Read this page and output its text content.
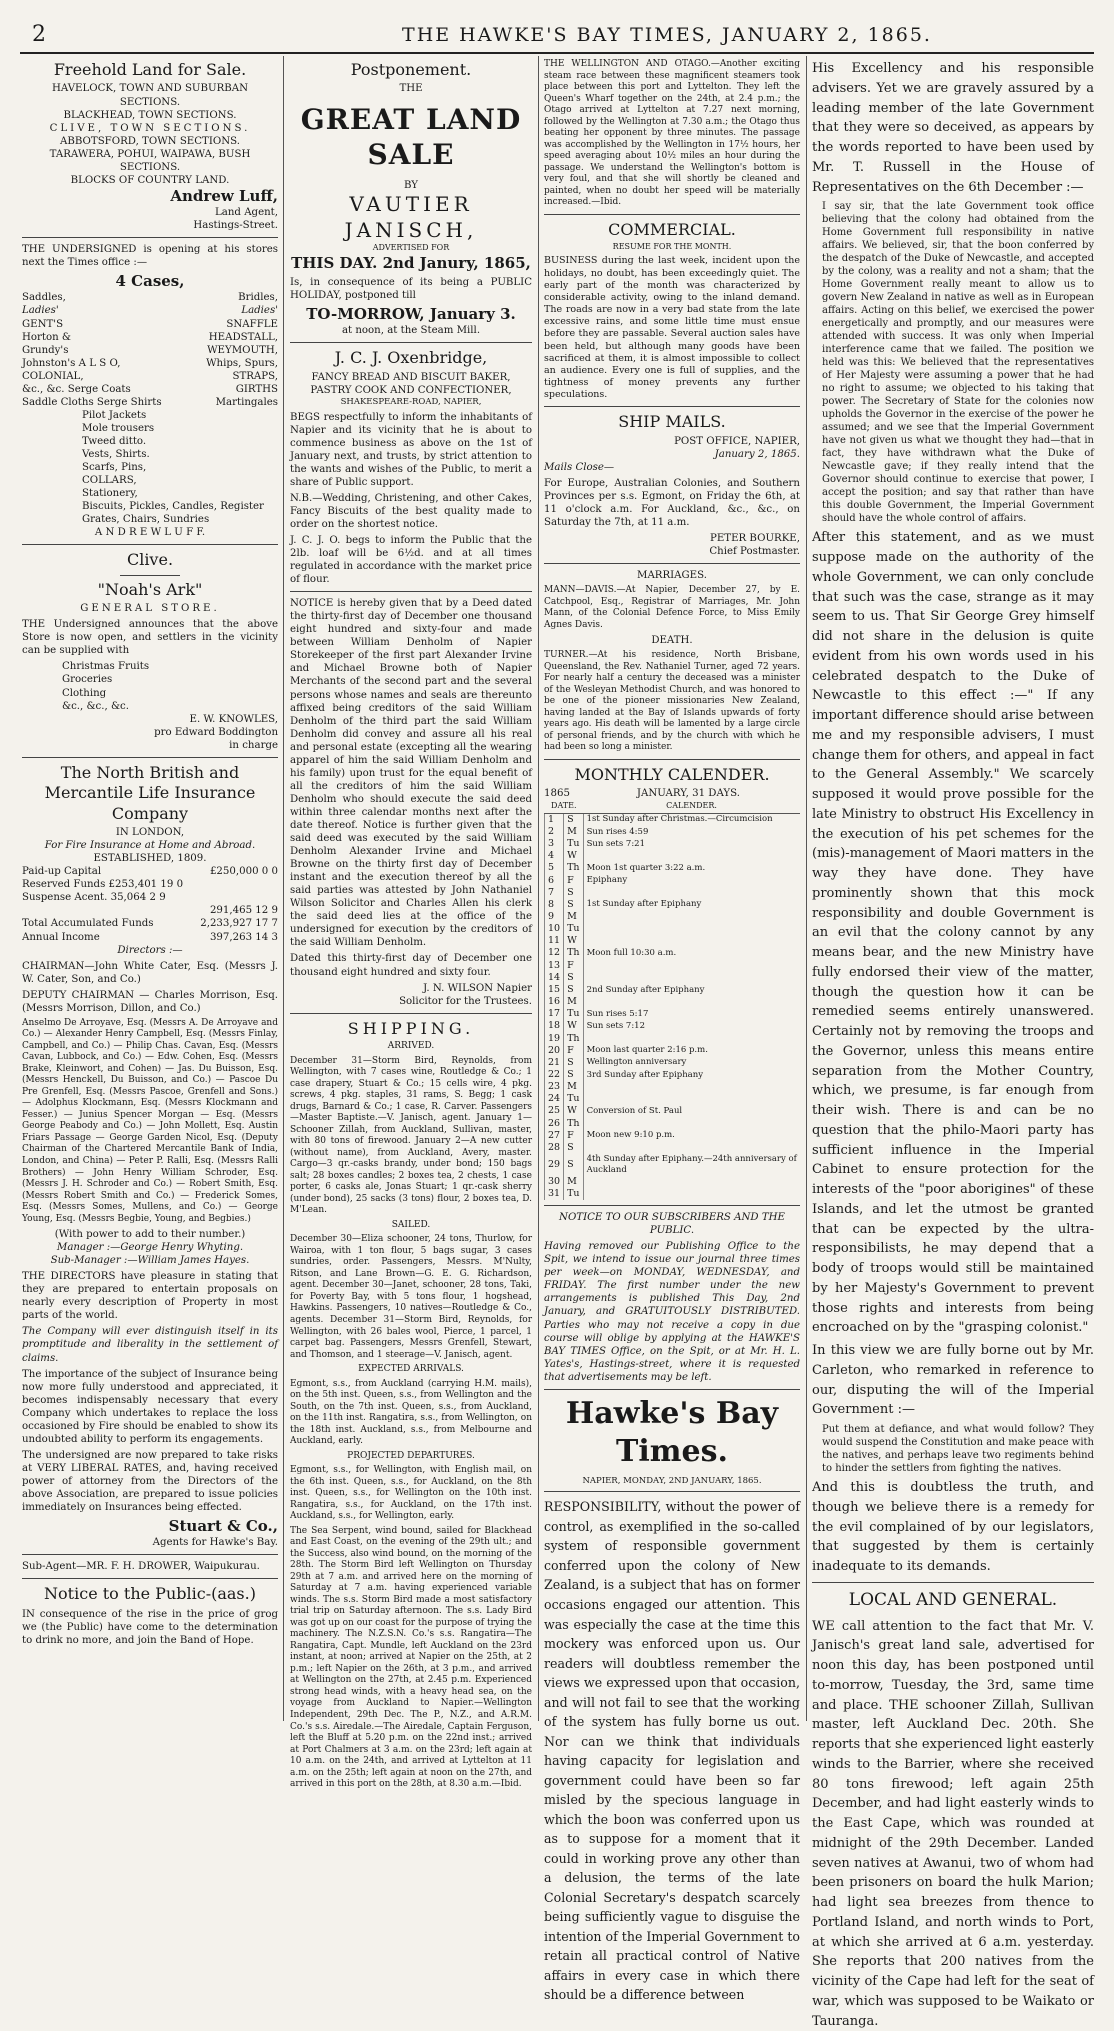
2	THE HAWKE'S BAY TIMES, JANUARY 2, 1865.
Freehold Land for Sale.
HAVELOCK, TOWN AND SUBURBAN SECTIONS.
BLACKHEAD, TOWN SECTIONS.
CLIVE, TOWN SECTIONS.
ABBOTSFORD, TOWN SECTIONS.
TARAWERA, POHUI, WAIPAWA, BUSH SECTIONS.
BLOCKS OF COUNTRY LAND.
Andrew Luff,
Land Agent,
Hastings-Street.

THE UNDERSIGNED is opening at his stores next the Times office :—

4 Cases,
Saddles,	Bridles,
Ladies'	Ladies'
GENT'S	SNAFFLE
Horton &	HEADSTALL,
Grundy's	WEYMOUTH,
Johnston's A L S O,	Whips, Spurs,
COLONIAL,	STRAPS,
&c., &c. Serge Coats	GIRTHS
Saddle Cloths Serge Shirts	Martingales
Pilot Jackets
Mole trousers
Tweed ditto.
Vests, Shirts.
Scarfs, Pins,
COLLARS,
Stationery,
Biscuits, Pickles, Candles, Register Grates, Chairs, Sundries
A N D R E W L U F F.
Clive.
"Noah's Ark"
GENERAL STORE.

THE Undersigned announces that the above Store is now open, and settlers in the vicinity can be supplied with

Christmas Fruits
Groceries
Clothing
&c., &c., &c.
E. W. KNOWLES,
pro Edward Boddington
in charge
The North British and Mercantile Life Insurance Company
IN LONDON,
For Fire Insurance at Home and Abroad.
ESTABLISHED, 1809.
Paid-up Capital	£250,000 0 0
Reserved Funds £253,401 19 0
Suspense Acent. 35,064 2 9
291,465 12 9
Total Accumulated Funds	2,233,927 17 7
Annual Income	397,263 14 3
Directors :—

CHAIRMAN—John White Cater, Esq. (Messrs J. W. Cater, Son, and Co.)

DEPUTY CHAIRMAN — Charles Morrison, Esq. (Messrs Morrison, Dillon, and Co.)

Anselmo De Arroyave, Esq. (Messrs A. De Arroyave and Co.) — Alexander Henry Campbell, Esq. (Messrs Finlay, Campbell, and Co.) — Philip Chas. Cavan, Esq. (Messrs Cavan, Lubbock, and Co.) — Edw. Cohen, Esq. (Messrs Brake, Kleinwort, and Cohen) — Jas. Du Buisson, Esq. (Messrs Henckell, Du Buisson, and Co.) — Pascoe Du Pre Grenfell, Esq. (Messrs Pascoe, Grenfell and Sons.) — Adolphus Klockmann, Esq. (Messrs Klockmann and Fesser.) — Junius Spencer Morgan — Esq. (Messrs George Peabody and Co.) — John Mollett, Esq. Austin Friars Passage — George Garden Nicol, Esq. (Deputy Chairman of the Chartered Mercantile Bank of India, London, and China) — Peter P. Ralli, Esq. (Messrs Ralli Brothers) — John Henry William Schroder, Esq. (Messrs J. H. Schroder and Co.) — Robert Smith, Esq. (Messrs Robert Smith and Co.) — Frederick Somes, Esq. (Messrs Somes, Mullens, and Co.) — George Young, Esq. (Messrs Begbie, Young, and Begbies.)

(With power to add to their number.)
Manager :—George Henry Whyting.
Sub-Manager :—William James Hayes.

THE DIRECTORS have pleasure in stating that they are prepared to entertain proposals on nearly every description of Property in most parts of the world.

The Company will ever distinguish itself in its promptitude and liberality in the settlement of claims.

The importance of the subject of Insurance being now more fully understood and appreciated, it becomes indispensably necessary that every Company which undertakes to replace the loss occasioned by Fire should be enabled to show its undoubted ability to perform its engagements.

The undersigned are now prepared to take risks at VERY LIBERAL RATES, and, having received power of attorney from the Directors of the above Association, are prepared to issue policies immediately on Insurances being effected.

Stuart & Co.,
Agents for Hawke's Bay.
Sub-Agent—MR. F. H. DROWER, Waipukurau.
Notice to the Public-(aas.)

IN consequence of the rise in the price of grog we (the Public) have come to the determination to drink no more, and join the Band of Hope.

Postponement.
THE
GREAT LAND SALE
BY
VAUTIER JANISCH,
ADVERTISED FOR
THIS DAY. 2nd Janury, 1865,

Is, in consequence of its being a PUBLIC HOLIDAY, postponed till

TO-MORROW, January 3.
at noon, at the Steam Mill.
J. C. J. Oxenbridge,
FANCY BREAD AND BISCUIT BAKER, PASTRY COOK AND CONFECTIONER,
SHAKESPEARE-ROAD, NAPIER,

BEGS respectfully to inform the inhabitants of Napier and its vicinity that he is about to commence business as above on the 1st of January next, and trusts, by strict attention to the wants and wishes of the Public, to merit a share of Public support.

N.B.—Wedding, Christening, and other Cakes, Fancy Biscuits of the best quality made to order on the shortest notice.

J. C. J. O. begs to inform the Public that the 2lb. loaf will be 6½d. and at all times regulated in accordance with the market price of flour.

NOTICE is hereby given that by a Deed dated the thirty-first day of December one thousand eight hundred and sixty-four and made between William Denholm of Napier Storekeeper of the first part Alexander Irvine and Michael Browne both of Napier Merchants of the second part and the several persons whose names and seals are thereunto affixed being creditors of the said William Denholm of the third part the said William Denholm did convey and assure all his real and personal estate (excepting all the wearing apparel of him the said William Denholm and his family) upon trust for the equal benefit of all the creditors of him the said William Denholm who should execute the said deed within three calendar months next after the date thereof. Notice is further given that the said deed was executed by the said William Denholm Alexander Irvine and Michael Browne on the thirty first day of December instant and the execution thereof by all the said parties was attested by John Nathaniel Wilson Solicitor and Charles Allen his clerk the said deed lies at the office of the undersigned for execution by the creditors of the said William Denholm.

Dated this thirty-first day of December one thousand eight hundred and sixty four.

J. N. WILSON Napier
Solicitor for the Trustees.
SHIPPING.
ARRIVED.

December 31—Storm Bird, Reynolds, from Wellington, with 7 cases wine, Routledge & Co.; 1 case drapery, Stuart & Co.; 15 cells wire, 4 pkg. screws, 4 pkg. staples, 31 rams, S. Begg; 1 cask drugs, Barnard & Co.; 1 case, R. Carver. Passengers—Master Baptiste.—V. Janisch, agent. January 1—Schooner Zillah, from Auckland, Sullivan, master, with 80 tons of firewood. January 2—A new cutter (without name), from Auckland, Avery, master. Cargo—3 qr.-casks brandy, under bond; 150 bags salt; 28 boxes candles; 2 boxes tea, 2 chests, 1 case porter, 6 casks ale, Jonas Stuart; 1 qr.-cask sherry (under bond), 25 sacks (3 tons) flour, 2 boxes tea, D. M'Lean.

SAILED.

December 30—Eliza schooner, 24 tons, Thurlow, for Wairoa, with 1 ton flour, 5 bags sugar, 3 cases sundries, order. Passengers, Messrs. M'Nulty, Ritson, and Lane Brown—G. E. G. Richardson, agent. December 30—Janet, schooner, 28 tons, Taki, for Poverty Bay, with 5 tons flour, 1 hogshead, Hawkins. Passengers, 10 natives—Routledge & Co., agents. December 31—Storm Bird, Reynolds, for Wellington, with 26 bales wool, Pierce, 1 parcel, 1 carpet bag. Passengers, Messrs Grenfell, Stewart, and Thomson, and 1 steerage—V. Janisch, agent.

EXPECTED ARRIVALS.

Egmont, s.s., from Auckland (carrying H.M. mails), on the 5th inst. Queen, s.s., from Wellington and the South, on the 7th inst. Queen, s.s., from Auckland, on the 11th inst. Rangatira, s.s., from Wellington, on the 18th inst. Auckland, s.s., from Melbourne and Auckland, early.

PROJECTED DEPARTURES.

Egmont, s.s., for Wellington, with English mail, on the 6th inst. Queen, s.s., for Auckland, on the 8th inst. Queen, s.s., for Wellington on the 10th inst. Rangatira, s.s., for Auckland, on the 17th inst. Auckland, s.s., for Wellington, early.

The Sea Serpent, wind bound, sailed for Blackhead and East Coast, on the evening of the 29th ult.; and the Success, also wind bound, on the morning of the 28th. The Storm Bird left Wellington on Thursday 29th at 7 a.m. and arrived here on the morning of Saturday at 7 a.m. having experienced variable winds. The s.s. Storm Bird made a most satisfactory trial trip on Saturday afternoon. The s.s. Lady Bird was got up on our coast for the purpose of trying the machinery. The N.Z.S.N. Co.'s s.s. Rangatira—The Rangatira, Capt. Mundle, left Auckland on the 23rd instant, at noon; arrived at Napier on the 25th, at 2 p.m.; left Napier on the 26th, at 3 p.m., and arrived at Wellington on the 27th, at 2.45 p.m. Experienced strong head winds, with a heavy head sea, on the voyage from Auckland to Napier.—Wellington Independent, 29th Dec. The P., N.Z., and A.R.M. Co.'s s.s. Airedale.—The Airedale, Captain Ferguson, left the Bluff at 5.20 p.m. on the 22nd inst.; arrived at Port Chalmers at 3 a.m. on the 23rd; left again at 10 a.m. on the 24th, and arrived at Lyttelton at 11 a.m. on the 25th; left again at noon on the 27th, and arrived in this port on the 28th, at 8.30 a.m.—Ibid.

THE WELLINGTON AND OTAGO.—Another exciting steam race between these magnificent steamers took place between this port and Lyttelton. They left the Queen's Wharf together on the 24th, at 2.4 p.m.; the Otago arrived at Lyttelton at 7.27 next morning, followed by the Wellington at 7.30 a.m.; the Otago thus beating her opponent by three minutes. The passage was accomplished by the Wellington in 17½ hours, her speed averaging about 10½ miles an hour during the passage. We understand the Wellington's bottom is very foul, and that she will shortly be cleaned and painted, when no doubt her speed will be materially increased.—Ibid.

COMMERCIAL.
RESUME FOR THE MONTH.

BUSINESS during the last week, incident upon the holidays, no doubt, has been exceedingly quiet. The early part of the month was characterized by considerable activity, owing to the inland demand. The roads are now in a very bad state from the late excessive rains, and some little time must ensue before they are passable. Several auction sales have been held, but although many goods have been sacrificed at them, it is almost impossible to collect an audience. Every one is full of supplies, and the tightness of money prevents any further speculations.

SHIP MAILS.
POST OFFICE, NAPIER,
January 2, 1865.
Mails Close—

For Europe, Australian Colonies, and Southern Provinces per s.s. Egmont, on Friday the 6th, at 11 o'clock a.m. For Auckland, &c., &c., on Saturday the 7th, at 11 a.m.

PETER BOURKE,
Chief Postmaster.
MARRIAGES.

MANN—DAVIS.—At Napier, December 27, by E. Catchpool, Esq., Registrar of Marriages, Mr. John Mann, of the Colonial Defence Force, to Miss Emily Agnes Davis.

DEATH.

TURNER.—At his residence, North Brisbane, Queensland, the Rev. Nathaniel Turner, aged 72 years. For nearly half a century the deceased was a minister of the Wesleyan Methodist Church, and was honored to be one of the pioneer missionaries New Zealand, having landed at the Bay of Islands upwards of forty years ago. His death will be lamented by a large circle of personal friends, and by the church with which he had been so long a minister.

MONTHLY CALENDER.
1865	JANUARY, 31 DAYS.
DATE.		CALENDER.
1	S	1st Sunday after Christmas.—Circumcision
2	M	Sun rises 4:59
3	Tu	Sun sets 7:21
4	W	
5	Th	Moon 1st quarter 3:22 a.m.
6	F	Epiphany
7	S	
8	S	1st Sunday after Epiphany
9	M	
10	Tu	
11	W	
12	Th	Moon full 10:30 a.m.
13	F	
14	S	
15	S	2nd Sunday after Epiphany
16	M	
17	Tu	Sun rises 5:17
18	W	Sun sets 7:12
19	Th	
20	F	Moon last quarter 2:16 p.m.
21	S	Wellington anniversary
22	S	3rd Sunday after Epiphany
23	M	
24	Tu	
25	W	Conversion of St. Paul
26	Th	
27	F	Moon new 9:10 p.m.
28	S	
29	S	4th Sunday after Epiphany.—24th anniversary of Auckland
30	M	
31	Tu	
NOTICE TO OUR SUBSCRIBERS AND THE PUBLIC.

Having removed our Publishing Office to the Spit, we intend to issue our journal three times per week—on MONDAY, WEDNESDAY, and FRIDAY. The first number under the new arrangements is published This Day, 2nd January, and GRATUITOUSLY DISTRIBUTED. Parties who may not receive a copy in due course will oblige by applying at the HAWKE'S BAY TIMES Office, on the Spit, or at Mr. H. L. Yates's, Hastings-street, where it is requested that advertisements may be left.

Hawke's Bay Times.
NAPIER, MONDAY, 2ND JANUARY, 1865.

RESPONSIBILITY, without the power of control, as exemplified in the so-called system of responsible government conferred upon the colony of New Zealand, is a subject that has on former occasions engaged our attention. This was especially the case at the time this mockery was enforced upon us. Our readers will doubtless remember the views we expressed upon that occasion, and will not fail to see that the working of the system has fully borne us out. Nor can we think that individuals having capacity for legislation and government could have been so far misled by the specious language in which the boon was conferred upon us as to suppose for a moment that it could in working prove any other than a delusion, the terms of the late Colonial Secretary's despatch scarcely being sufficiently vague to disguise the intention of the Imperial Government to retain all practical control of Native affairs in every case in which there should be a difference between

His Excellency and his responsible advisers. Yet we are gravely assured by a leading member of the late Government that they were so deceived, as appears by the words reported to have been used by Mr. T. Russell in the House of Representatives on the 6th December :—

I say sir, that the late Government took office believing that the colony had obtained from the Home Government full responsibility in native affairs. We believed, sir, that the boon conferred by the despatch of the Duke of Newcastle, and accepted by the colony, was a reality and not a sham; that the Home Government really meant to allow us to govern New Zealand in native as well as in European affairs. Acting on this belief, we exercised the power energetically and promptly, and our measures were attended with success. It was only when Imperial interference came that we failed. The position we held was this: We believed that the representatives of Her Majesty were assuming a power that he had no right to assume; we objected to his taking that power. The Secretary of State for the colonies now upholds the Governor in the exercise of the power he assumed; and we see that the Imperial Government have not given us what we thought they had—that in fact, they have withdrawn what the Duke of Newcastle gave; if they really intend that the Governor should continue to exercise that power, I accept the position; and say that rather than have this double Government, the Imperial Government should have the whole control of affairs.

After this statement, and as we must suppose made on the authority of the whole Government, we can only conclude that such was the case, strange as it may seem to us. That Sir George Grey himself did not share in the delusion is quite evident from his own words used in his celebrated despatch to the Duke of Newcastle to this effect :—" If any important difference should arise between me and my responsible advisers, I must change them for others, and appeal in fact to the General Assembly." We scarcely supposed it would prove possible for the late Ministry to obstruct His Excellency in the execution of his pet schemes for the (mis)-management of Maori matters in the way they have done. They have prominently shown that this mock responsibility and double Government is an evil that the colony cannot by any means bear, and the new Ministry have fully endorsed their view of the matter, though the question how it can be remedied seems entirely unanswered. Certainly not by removing the troops and the Governor, unless this means entire separation from the Mother Country, which, we presume, is far enough from their wish. There is and can be no question that the philo-Maori party has sufficient influence in the Imperial Cabinet to ensure protection for the interests of the "poor aborigines" of these Islands, and let the utmost be granted that can be expected by the ultra-responsibilists, he may depend that a body of troops would still be maintained by her Majesty's Government to prevent those rights and interests from being encroached on by the "grasping colonist."

In this view we are fully borne out by Mr. Carleton, who remarked in reference to our, disputing the will of the Imperial Government :—

Put them at defiance, and what would follow? They would suspend the Constitution and make peace with the natives, and perhaps leave two regiments behind to hinder the settlers from fighting the natives.

And this is doubtless the truth, and though we believe there is a remedy for the evil complained of by our legislators, that suggested by them is certainly inadequate to its demands.

LOCAL AND GENERAL.

WE call attention to the fact that Mr. V. Janisch's great land sale, advertised for noon this day, has been postponed until to-morrow, Tuesday, the 3rd, same time and place. THE schooner Zillah, Sullivan master, left Auckland Dec. 20th. She reports that she experienced light easterly winds to the Barrier, where she received 80 tons firewood; left again 25th December, and had light easterly winds to the East Cape, which was rounded at midnight of the 29th December. Landed seven natives at Awanui, two of whom had been prisoners on board the hulk Marion; had light sea breezes from thence to Portland Island, and north winds to Port, at which she arrived at 6 a.m. yesterday. She reports that 200 natives from the vicinity of the Cape had left for the seat of war, which was supposed to be Waikato or Tauranga.
